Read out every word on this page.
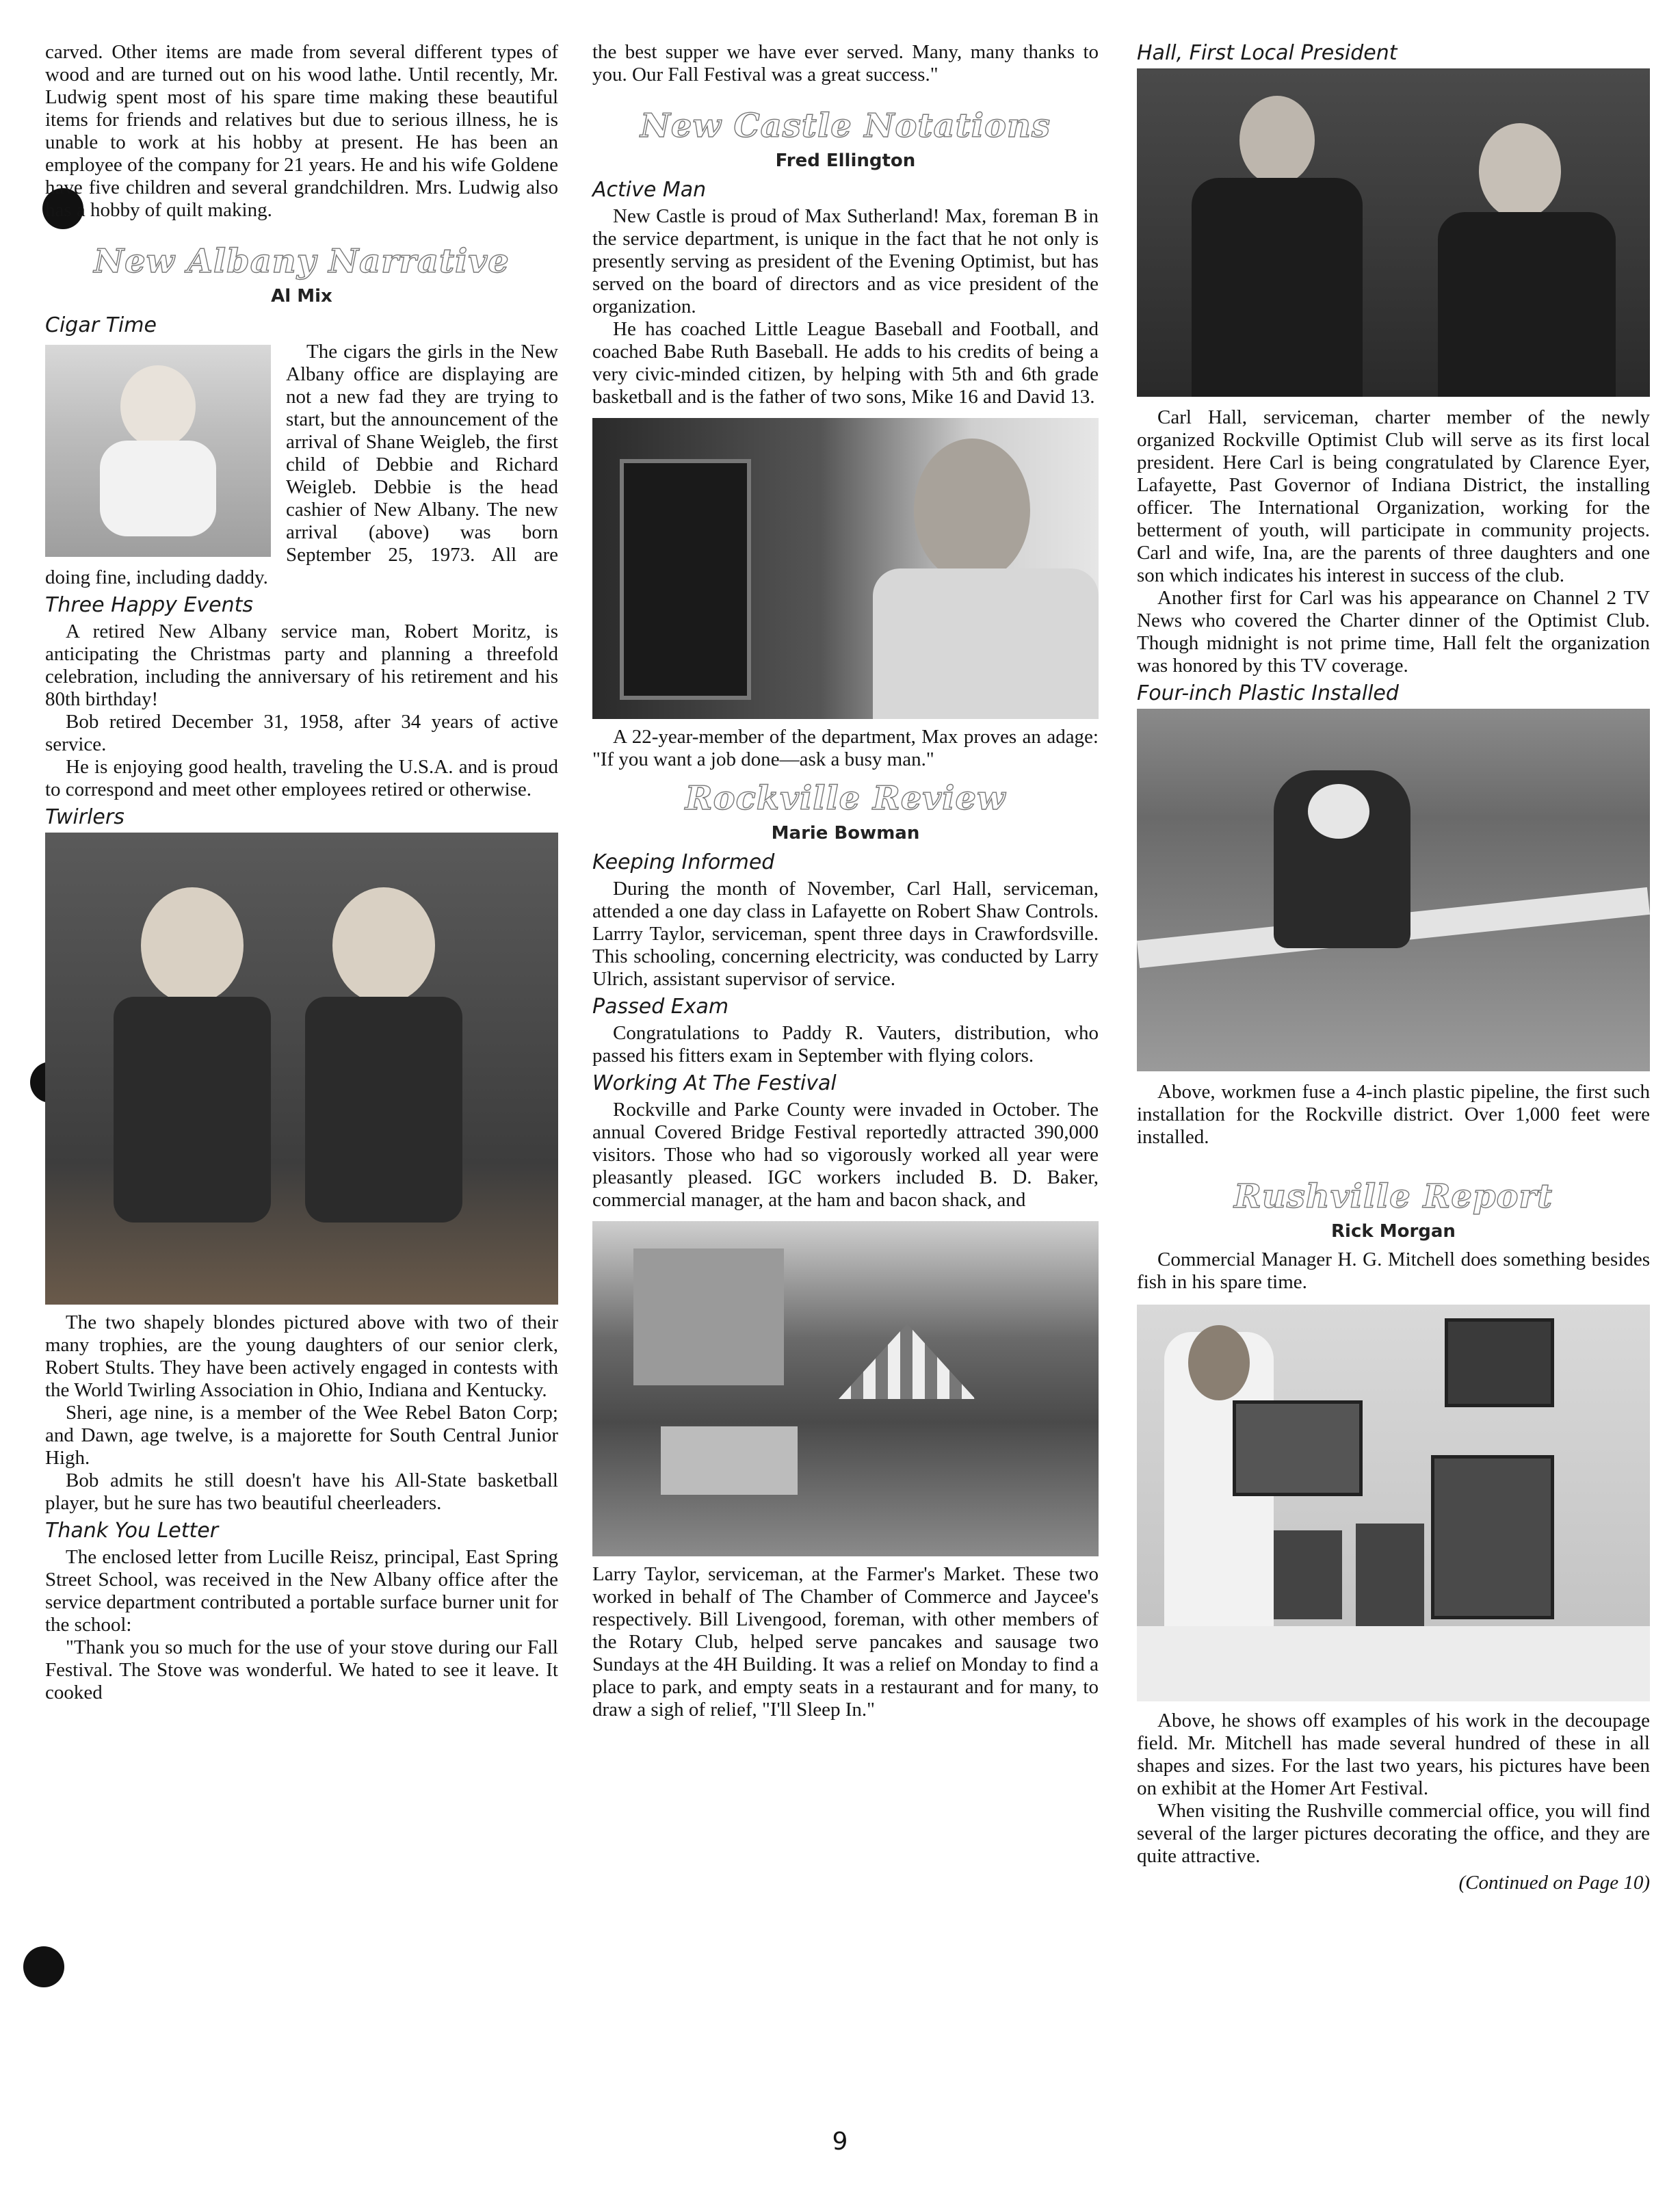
carved. Other items are made from several different types of wood and are turned out on his wood lathe. Until recently, Mr. Ludwig spent most of his spare time making these beautiful items for friends and relatives but due to serious illness, he is unable to work at his hobby at present. He has been an employee of the company for 21 years. He and his wife Goldene have five children and several grandchildren. Mrs. Ludwig also has a hobby of quilt making.

New Albany Narrative
Al Mix
Cigar Time

The cigars the girls in the New Albany office are displaying are not a new fad they are trying to start, but the announcement of the arrival of Shane Weigleb, the first child of Debbie and Richard Weigleb. Debbie is the head cashier of New Albany. The new arrival (above) was born September 25, 1973. All are doing fine, including daddy.

Three Happy Events

A retired New Albany service man, Robert Moritz, is anticipating the Christmas party and planning a threefold celebration, including the anniversary of his retirement and his 80th birthday!

Bob retired December 31, 1958, after 34 years of active service.

He is enjoying good health, traveling the U.S.A. and is proud to correspond and meet other employees retired or otherwise.

Twirlers

The two shapely blondes pictured above with two of their many trophies, are the young daughters of our senior clerk, Robert Stults. They have been actively engaged in contests with the World Twirling Association in Ohio, Indiana and Kentucky.

Sheri, age nine, is a member of the Wee Rebel Baton Corp; and Dawn, age twelve, is a majorette for South Central Junior High.

Bob admits he still doesn't have his All-State basketball player, but he sure has two beautiful cheerleaders.

Thank You Letter

The enclosed letter from Lucille Reisz, principal, East Spring Street School, was received in the New Albany office after the service department contributed a portable surface burner unit for the school:

"Thank you so much for the use of your stove during our Fall Festival. The Stove was wonderful. We hated to see it leave. It cooked

the best supper we have ever served. Many, many thanks to you. Our Fall Festival was a great success."

New Castle Notations
Fred Ellington
Active Man

New Castle is proud of Max Sutherland! Max, foreman B in the service department, is unique in the fact that he not only is presently serving as president of the Evening Optimist, but has served on the board of directors and as vice president of the organization.

He has coached Little League Baseball and Football, and coached Babe Ruth Baseball. He adds to his credits of being a very civic-minded citizen, by helping with 5th and 6th grade basketball and is the father of two sons, Mike 16 and David 13.

A 22-year-member of the department, Max proves an adage: "If you want a job done—ask a busy man."

Rockville Review
Marie Bowman
Keeping Informed

During the month of November, Carl Hall, serviceman, attended a one day class in Lafayette on Robert Shaw Controls. Larrry Taylor, serviceman, spent three days in Crawfordsville. This schooling, concerning electricity, was conducted by Larry Ulrich, assistant supervisor of service.

Passed Exam

Congratulations to Paddy R. Vauters, distribution, who passed his fitters exam in September with flying colors.

Working At The Festival

Rockville and Parke County were invaded in October. The annual Covered Bridge Festival reportedly attracted 390,000 visitors. Those who had so vigorously worked all year were pleasantly pleased. IGC workers included B. D. Baker, commercial manager, at the ham and bacon shack, and

Larry Taylor, serviceman, at the Farmer's Market. These two worked in behalf of The Chamber of Commerce and Jaycee's respectively. Bill Livengood, foreman, with other members of the Rotary Club, helped serve pancakes and sausage two Sundays at the 4H Building. It was a relief on Monday to find a place to park, and empty seats in a restaurant and for many, to draw a sigh of relief, "I'll Sleep In."

Hall, First Local President

Carl Hall, serviceman, charter member of the newly organized Rockville Optimist Club will serve as its first local president. Here Carl is being congratulated by Clarence Eyer, Lafayette, Past Governor of Indiana District, the installing officer. The International Organization, working for the betterment of youth, will participate in community projects. Carl and wife, Ina, are the parents of three daughters and one son which indicates his interest in success of the club.

Another first for Carl was his appearance on Channel 2 TV News who covered the Charter dinner of the Optimist Club. Though midnight is not prime time, Hall felt the organization was honored by this TV coverage.

Four-inch Plastic Installed

Above, workmen fuse a 4-inch plastic pipeline, the first such installation for the Rockville district. Over 1,000 feet were installed.

Rushville Report
Rick Morgan

Commercial Manager H. G. Mitchell does something besides fish in his spare time.

Above, he shows off examples of his work in the decoupage field. Mr. Mitchell has made several hundred of these in all shapes and sizes. For the last two years, his pictures have been on exhibit at the Homer Art Festival.

When visiting the Rushville commercial office, you will find several of the larger pictures decorating the office, and they are quite attractive.

(Continued on Page 10)
9
